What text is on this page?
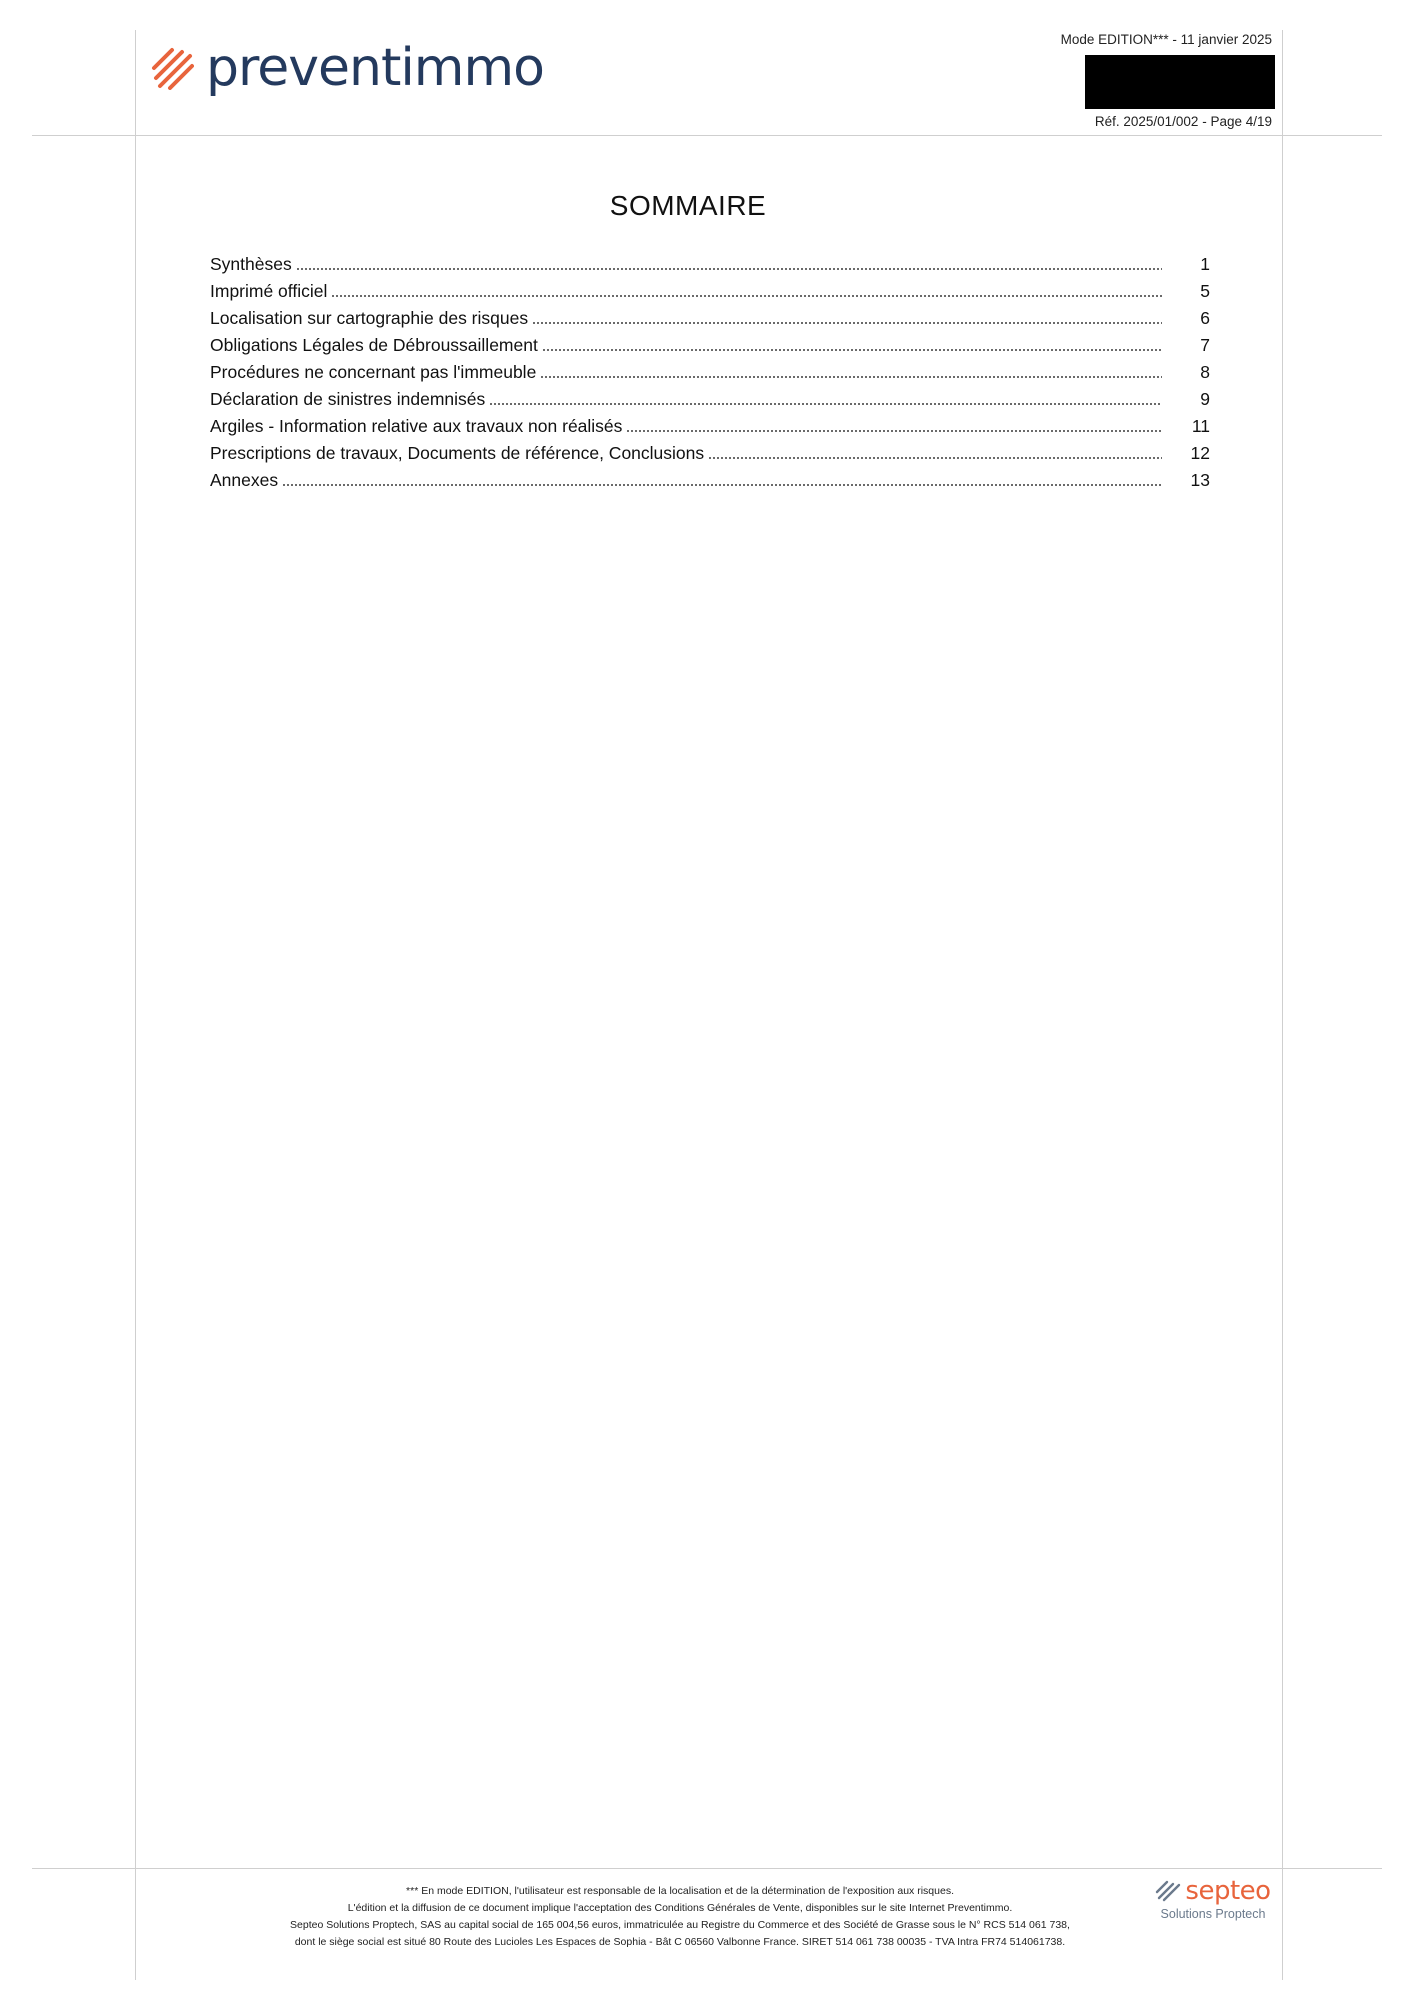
preventimmo	Mode EDITION*** - 11 janvier 2025
Réf. 2025/01/002 - Page 4/19
SOMMAIRE
Synthèses	1
Imprimé officiel	5
Localisation sur cartographie des risques	6
Obligations Légales de Débroussaillement	7
Procédures ne concernant pas l'immeuble	8
Déclaration de sinistres indemnisés	9
Argiles - Information relative aux travaux non réalisés	11
Prescriptions de travaux, Documents de référence, Conclusions	12
Annexes	13
*** En mode EDITION, l'utilisateur est responsable de la localisation et de la détermination de l'exposition aux risques.
L'édition et la diffusion de ce document implique l'acceptation des Conditions Générales de Vente, disponibles sur le site Internet Preventimmo.
Septeo Solutions Proptech, SAS au capital social de 165 004,56 euros, immatriculée au Registre du Commerce et des Société de Grasse sous le N° RCS 514 061 738,
dont le siège social est situé 80 Route des Lucioles Les Espaces de Sophia - Bât C 06560 Valbonne France. SIRET 514 061 738 00035 - TVA Intra FR74 514061738.
septeo
Solutions Proptech
